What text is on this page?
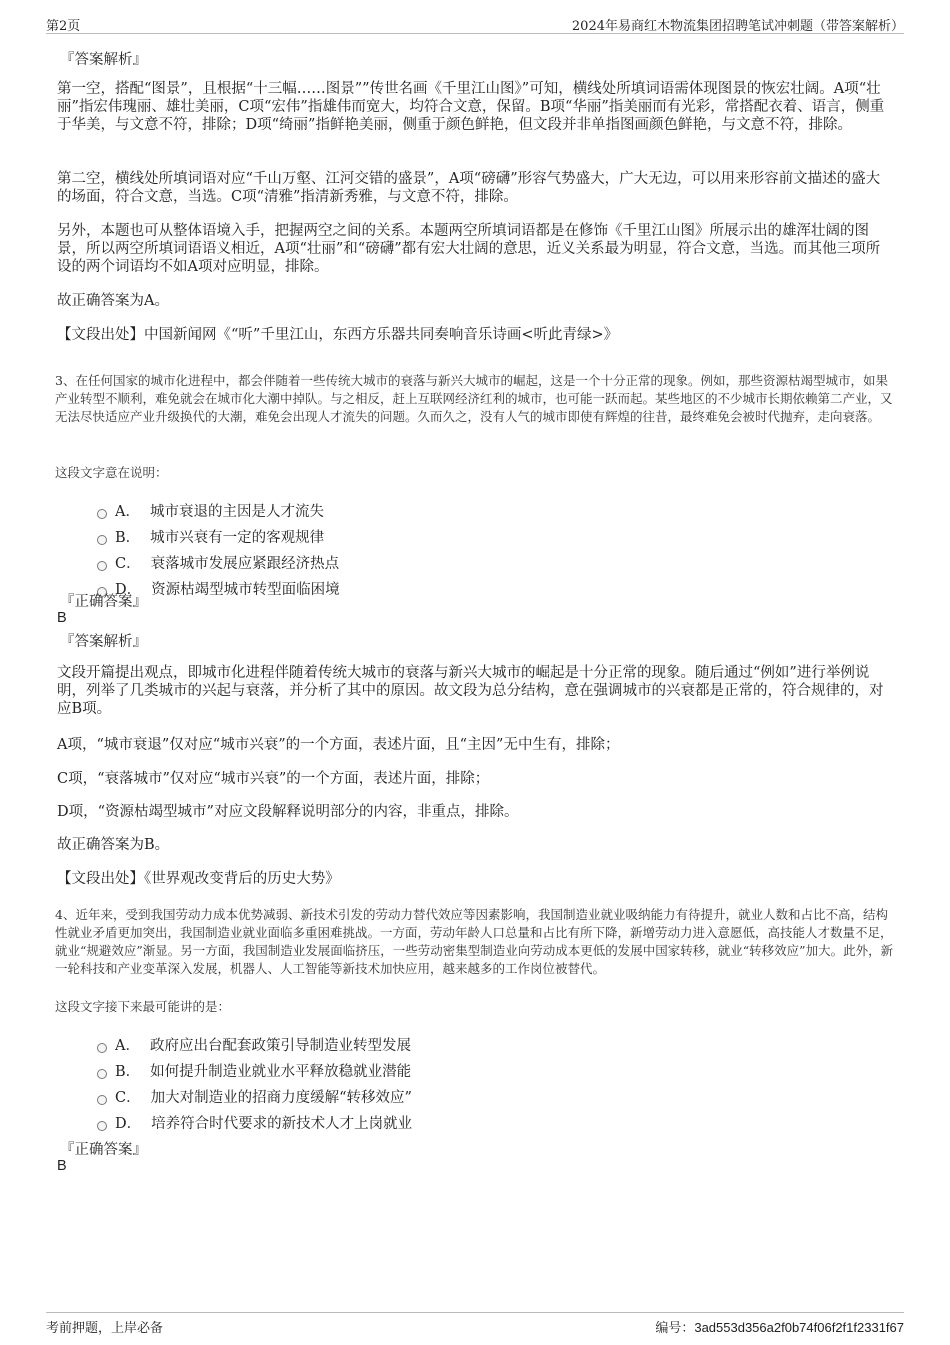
第2页	2024年易商红木物流集团招聘笔试冲刺题（带答案解析）
『答案解析』
第一空，搭配“图景”，且根据“十三幅……图景””传世名画《千里江山图》”可知，横线处所填词语需体现图景的恢宏壮阔。A项“壮丽”指宏伟瑰丽、雄壮美丽，C项“宏伟”指雄伟而宽大，均符合文意，保留。B项“华丽”指美丽而有光彩，常搭配衣着、语言，侧重于华美，与文意不符，排除；D项“绮丽”指鲜艳美丽，侧重于颜色鲜艳，但文段并非单指图画颜色鲜艳，与文意不符，排除。
第二空，横线处所填词语对应“千山万壑、江河交错的盛景”，A项“磅礴”形容气势盛大，广大无边，可以用来形容前文描述的盛大的场面，符合文意，当选。C项“清雅”指清新秀雅，与文意不符，排除。
另外，本题也可从整体语境入手，把握两空之间的关系。本题两空所填词语都是在修饰《千里江山图》所展示出的雄浑壮阔的图景，所以两空所填词语语义相近，A项“壮丽”和“磅礴”都有宏大壮阔的意思，近义关系最为明显，符合文意，当选。而其他三项所设的两个词语均不如A项对应明显，排除。
故正确答案为A。
【文段出处】中国新闻网《“听”千里江山，东西方乐器共同奏响音乐诗画<听此青绿>》
3、在任何国家的城市化进程中，都会伴随着一些传统大城市的衰落与新兴大城市的崛起，这是一个十分正常的现象。例如，那些资源枯竭型城市，如果产业转型不顺利，难免就会在城市化大潮中掉队。与之相反，赶上互联网经济红利的城市，也可能一跃而起。某些地区的不少城市长期依赖第二产业，又无法尽快适应产业升级换代的大潮，难免会出现人才流失的问题。久而久之，没有人气的城市即使有辉煌的往昔，最终难免会被时代抛弃，走向衰落。
这段文字意在说明：
A． 城市衰退的主因是人才流失
B． 城市兴衰有一定的客观规律
C． 衰落城市发展应紧跟经济热点
D． 资源枯竭型城市转型面临困境
『正确答案』
B
『答案解析』
文段开篇提出观点，即城市化进程伴随着传统大城市的衰落与新兴大城市的崛起是十分正常的现象。随后通过“例如”进行举例说明，列举了几类城市的兴起与衰落，并分析了其中的原因。故文段为总分结构，意在强调城市的兴衰都是正常的，符合规律的，对应B项。
A项，“城市衰退”仅对应“城市兴衰”的一个方面，表述片面，且“主因”无中生有，排除；
C项，“衰落城市”仅对应“城市兴衰”的一个方面，表述片面，排除；
D项，“资源枯竭型城市”对应文段解释说明部分的内容，非重点，排除。
故正确答案为B。
【文段出处】《世界观改变背后的历史大势》
4、近年来，受到我国劳动力成本优势减弱、新技术引发的劳动力替代效应等因素影响，我国制造业就业吸纳能力有待提升，就业人数和占比不高，结构性就业矛盾更加突出，我国制造业就业面临多重困难挑战。一方面，劳动年龄人口总量和占比有所下降，新增劳动力进入意愿低，高技能人才数量不足，就业“规避效应”渐显。另一方面，我国制造业发展面临挤压，一些劳动密集型制造业向劳动成本更低的发展中国家转移，就业“转移效应”加大。此外，新一轮科技和产业变革深入发展，机器人、人工智能等新技术加快应用，越来越多的工作岗位被替代。
这段文字接下来最可能讲的是：
A． 政府应出台配套政策引导制造业转型发展
B． 如何提升制造业就业水平释放稳就业潜能
C． 加大对制造业的招商力度缓解“转移效应”
D． 培养符合时代要求的新技术人才上岗就业
『正确答案』
B
考前押题，上岸必备	编号：3ad553d356a2f0b74f06f2f1f2331f67
